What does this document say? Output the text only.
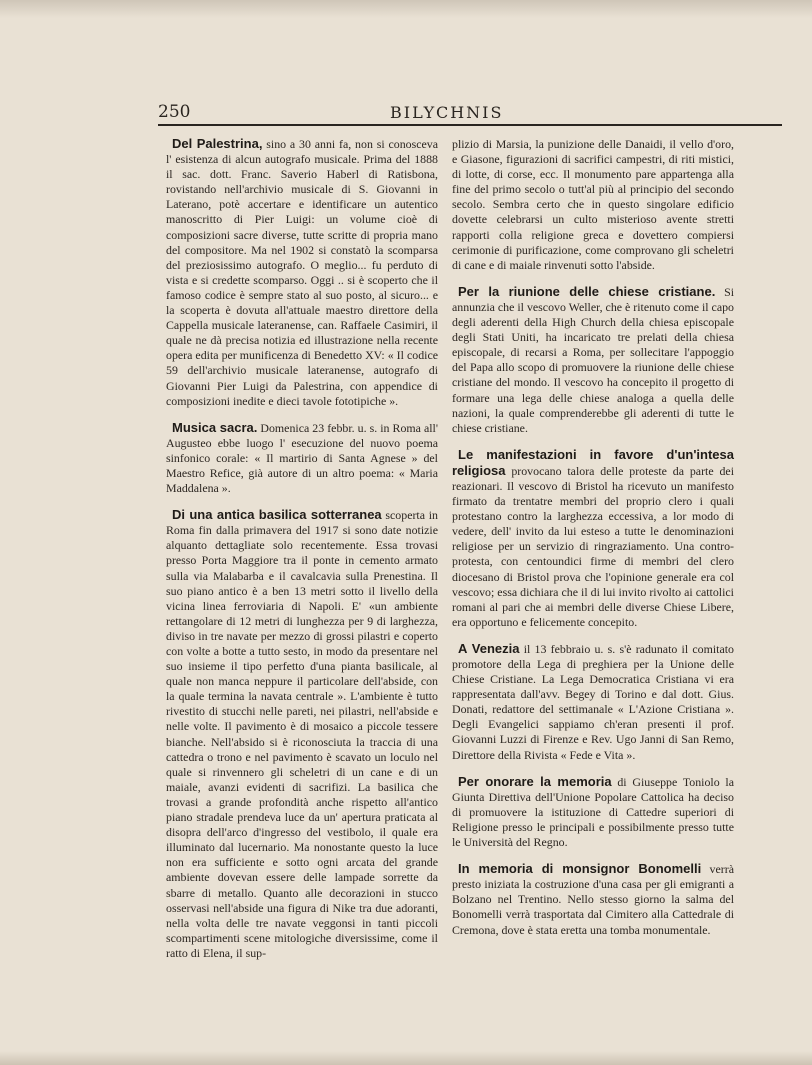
250	BILYCHNIS

Del Palestrina, sino a 30 anni fa, non si conosceva l' esistenza di alcun autografo musicale. Prima del 1888 il sac. dott. Franc. Saverio Haberl di Ratisbona, rovistando nell'archivio musicale di S. Giovanni in Laterano, potè accertare e identificare un autentico manoscritto di Pier Luigi: un volume cioè di composizioni sacre diverse, tutte scritte di propria mano del compositore. Ma nel 1902 si constatò la scomparsa del preziosissimo autografo. O meglio... fu perduto di vista e si credette scomparso. Oggi .. si è scoperto che il famoso codice è sempre stato al suo posto, al sicuro... e la scoperta è dovuta all'attuale maestro direttore della Cappella musicale lateranense, can. Raffaele Casimiri, il quale ne dà precisa notizia ed illustrazione nella recente opera edita per munificenza di Benedetto XV: « Il codice 59 dell'archivio musicale lateranense, autografo di Giovanni Pier Luigi da Palestrina, con appendice di composizioni inedite e dieci tavole fototipiche ».

Musica sacra. Domenica 23 febbr. u. s. in Roma all' Augusteo ebbe luogo l' esecuzione del nuovo poema sinfonico corale: « Il martirio di Santa Agnese » del Maestro Refice, già autore di un altro poema: « Maria Maddalena ».

Di una antica basilica sotterranea scoperta in Roma fin dalla primavera del 1917 si sono date notizie alquanto dettagliate solo recentemente. Essa trovasi presso Porta Maggiore tra il ponte in cemento armato sulla via Malabarba e il cavalcavia sulla Prenestina. Il suo piano antico è a ben 13 metri sotto il livello della vicina linea ferroviaria di Napoli. E' «un ambiente rettangolare di 12 metri di lunghezza per 9 di larghezza, diviso in tre navate per mezzo di grossi pilastri e coperto con volte a botte a tutto sesto, in modo da presentare nel suo insieme il tipo perfetto d'una pianta basilicale, al quale non manca neppure il particolare dell'abside, con la quale termina la navata centrale ». L'ambiente è tutto rivestito di stucchi nelle pareti, nei pilastri, nell'abside e nelle volte. Il pavimento è di mosaico a piccole tessere bianche. Nell'absido si è riconosciuta la traccia di una cattedra o trono e nel pavimento è scavato un loculo nel quale si rinvennero gli scheletri di un cane e di un maiale, avanzi evidenti di sacrifizi. La basilica che trovasi a grande profondità anche rispetto all'antico piano stradale prendeva luce da un' apertura praticata al disopra dell'arco d'ingresso del vestibolo, il quale era illuminato dal lucernario. Ma nonostante questo la luce non era sufficiente e sotto ogni arcata del grande ambiente dovevan essere delle lampade sorrette da sbarre di metallo. Quanto alle decorazioni in stucco osservasi nell'abside una figura di Nike tra due adoranti, nella volta delle tre navate veggonsi in tanti piccoli scompartimenti scene mitologiche diversissime, come il ratto di Elena, il sup-

plizio di Marsia, la punizione delle Danaidi, il vello d'oro, e Giasone, figurazioni di sacrifici campestri, di riti mistici, di lotte, di corse, ecc. Il monumento pare appartenga alla fine del primo secolo o tutt'al più al principio del secondo secolo. Sembra certo che in questo singolare edificio dovette celebrarsi un culto misterioso avente stretti rapporti colla religione greca e dovettero compiersi cerimonie di purificazione, come comprovano gli scheletri di cane e di maiale rinvenuti sotto l'abside.

Per la riunione delle chiese cristiane. Si annunzia che il vescovo Weller, che è ritenuto come il capo degli aderenti della High Church della chiesa episcopale degli Stati Uniti, ha incaricato tre prelati della chiesa episcopale, di recarsi a Roma, per sollecitare l'appoggio del Papa allo scopo di promuovere la riunione delle chiese cristiane del mondo. Il vescovo ha concepito il progetto di formare una lega delle chiese analoga a quella delle nazioni, la quale comprenderebbe gli aderenti di tutte le chiese cristiane.

Le manifestazioni in favore d'un'intesa religiosa provocano talora delle proteste da parte dei reazionari. Il vescovo di Bristol ha ricevuto un manifesto firmato da trentatre membri del proprio clero i quali protestano contro la larghezza eccessiva, a lor modo di vedere, dell' invito da lui esteso a tutte le denominazioni religiose per un servizio di ringraziamento. Una contro-protesta, con centoundici firme di membri del clero diocesano di Bristol prova che l'opinione generale era col vescovo; essa dichiara che il di lui invito rivolto ai cattolici romani al pari che ai membri delle diverse Chiese Libere, era opportuno e felicemente concepito.

A Venezia il 13 febbraio u. s. s'è radunato il comitato promotore della Lega di preghiera per la Unione delle Chiese Cristiane. La Lega Democratica Cristiana vi era rappresentata dall'avv. Begey di Torino e dal dott. Gius. Donati, redattore del settimanale « L'Azione Cristiana ». Degli Evangelici sappiamo ch'eran presenti il prof. Giovanni Luzzi di Firenze e Rev. Ugo Janni di San Remo, Direttore della Rivista « Fede e Vita ».

Per onorare la memoria di Giuseppe Toniolo la Giunta Direttiva dell'Unione Popolare Cattolica ha deciso di promuovere la istituzione di Cattedre superiori di Religione presso le principali e possibilmente presso tutte le Università del Regno.

In memoria di monsignor Bonomelli verrà presto iniziata la costruzione d'una casa per gli emigranti a Bolzano nel Trentino. Nello stesso giorno la salma del Bonomelli verrà trasportata dal Cimitero alla Cattedrale di Cremona, dove è stata eretta una tomba monumentale.
